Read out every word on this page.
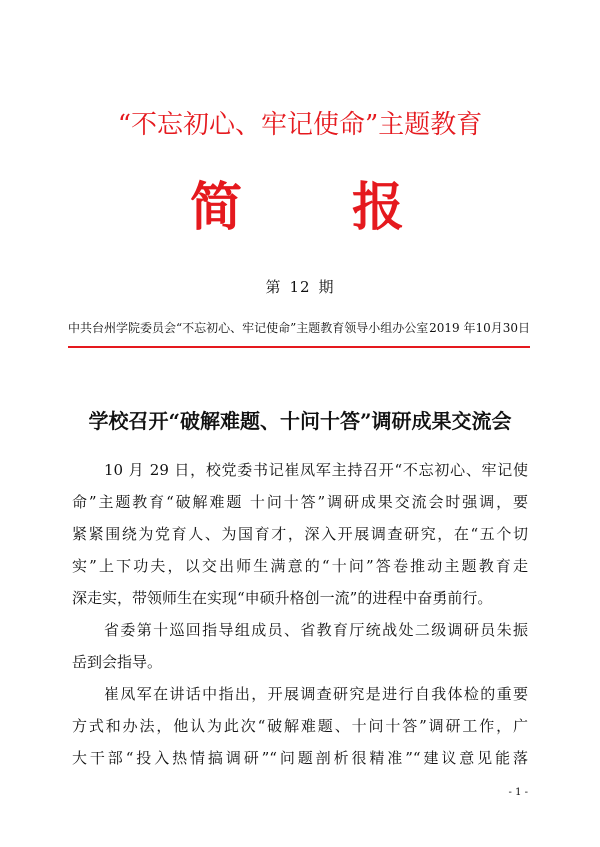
“不忘初心、牢记使命”主题教育
简 报
第 12 期
中共台州学院委员会“不忘初心、牢记使命”主题教育领导小组办公室 2019 年10月30日
学校召开“破解难题、十问十答”调研成果交流会
10 月 29 日，校党委书记崔凤军主持召开“不忘初心、牢记使
命”主题教育“破解难题 十问十答”调研成果交流会时强调，要
紧紧围绕为党育人、为国育才，深入开展调查研究，在“五个切
实”上下功夫，以交出师生满意的“十问”答卷推动主题教育走
深走实，带领师生在实现“申硕升格创一流”的进程中奋勇前行。
省委第十巡回指导组成员、省教育厅统战处二级调研员朱振
岳到会指导。
崔凤军在讲话中指出，开展调查研究是进行自我体检的重要
方式和办法，他认为此次“破解难题、十问十答”调研工作，广
大干部“投入热情搞调研”“问题剖析很精准”“建议意见能落
- 1 -
